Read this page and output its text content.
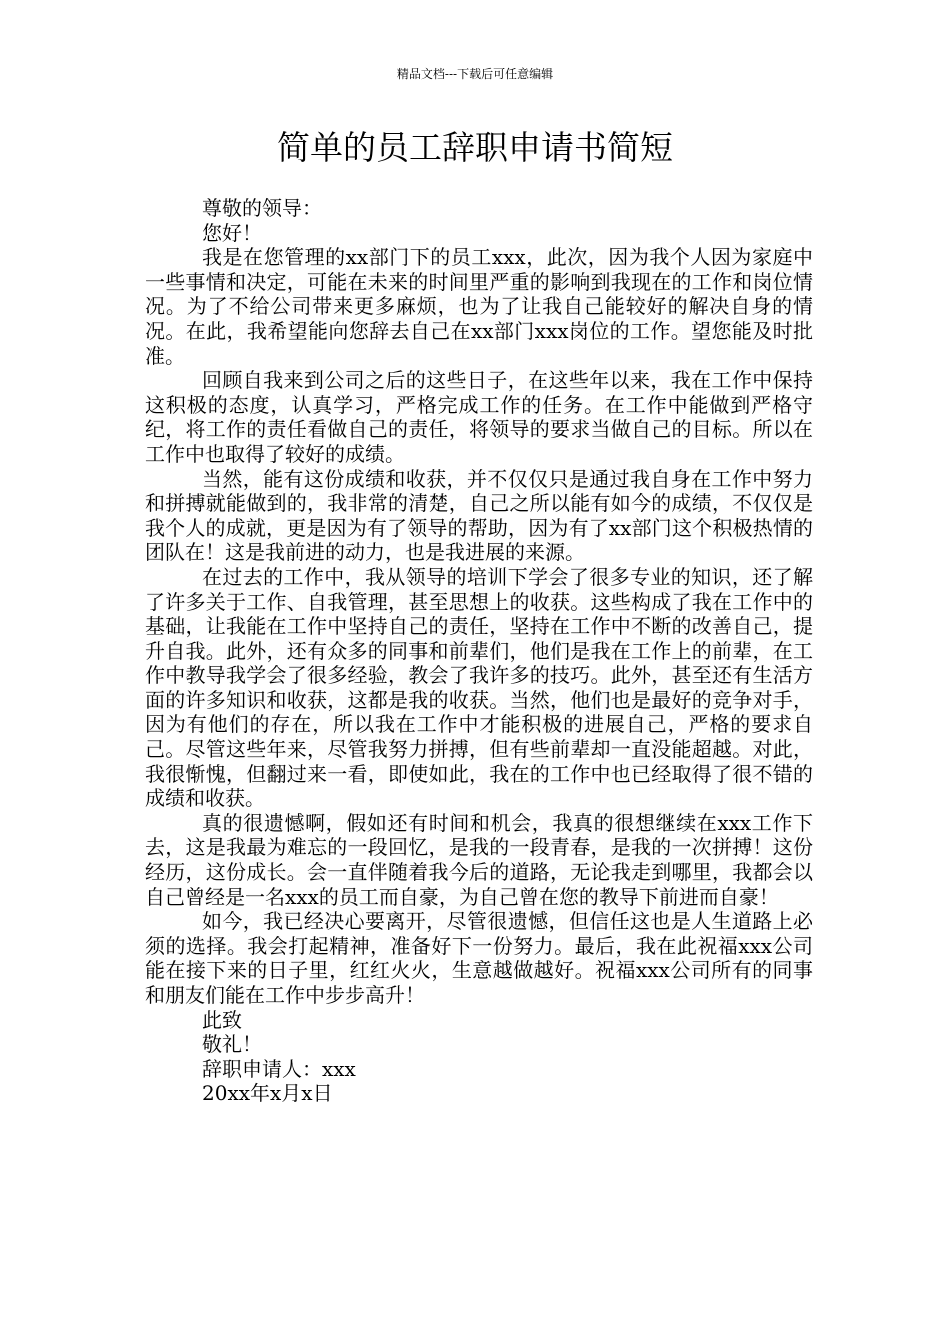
精品文档---下载后可任意编辑
简单的员工辞职申请书简短

尊敬的领导：

您好！

我是在您管理的xx部门下的员工xxx，此次，因为我个人因为家庭中一些事情和决定，可能在未来的时间里严重的影响到我现在的工作和岗位情况。为了不给公司带来更多麻烦，也为了让我自己能较好的解决自身的情况。在此，我希望能向您辞去自己在xx部门xxx岗位的工作。望您能及时批准。

回顾自我来到公司之后的这些日子，在这些年以来，我在工作中保持这积极的态度，认真学习，严格完成工作的任务。在工作中能做到严格守纪，将工作的责任看做自己的责任，将领导的要求当做自己的目标。所以在工作中也取得了较好的成绩。

当然，能有这份成绩和收获，并不仅仅只是通过我自身在工作中努力和拼搏就能做到的，我非常的清楚，自己之所以能有如今的成绩，不仅仅是我个人的成就，更是因为有了领导的帮助，因为有了xx部门这个积极热情的团队在！这是我前进的动力，也是我进展的来源。

在过去的工作中，我从领导的培训下学会了很多专业的知识，还了解了许多关于工作、自我管理，甚至思想上的收获。这些构成了我在工作中的基础，让我能在工作中坚持自己的责任，坚持在工作中不断的改善自己，提升自我。此外，还有众多的同事和前辈们，他们是我在工作上的前辈，在工作中教导我学会了很多经验，教会了我许多的技巧。此外，甚至还有生活方面的许多知识和收获，这都是我的收获。当然，他们也是最好的竞争对手，因为有他们的存在，所以我在工作中才能积极的进展自己，严格的要求自己。尽管这些年来，尽管我努力拼搏，但有些前辈却一直没能超越。对此，我很惭愧，但翻过来一看，即使如此，我在的工作中也已经取得了很不错的成绩和收获。

真的很遗憾啊，假如还有时间和机会，我真的很想继续在xxx工作下去，这是我最为难忘的一段回忆，是我的一段青春，是我的一次拼搏！这份经历，这份成长。会一直伴随着我今后的道路，无论我走到哪里，我都会以自己曾经是一名xxx的员工而自豪，为自己曾在您的教导下前进而自豪！

如今，我已经决心要离开，尽管很遗憾，但信任这也是人生道路上必须的选择。我会打起精神，准备好下一份努力。最后，我在此祝福xxx公司能在接下来的日子里，红红火火，生意越做越好。祝福xxx公司所有的同事和朋友们能在工作中步步高升！

此致

敬礼！

辞职申请人：xxx

20xx年x月x日
